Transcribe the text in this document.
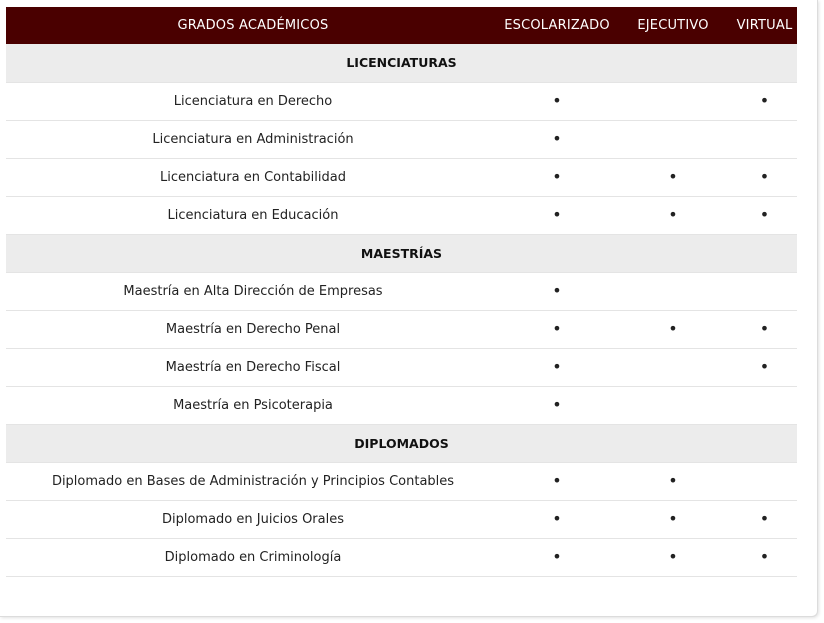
GRADOS ACADÉMICOS	ESCOLARIZADO	EJECUTIVO	VIRTUAL
LICENCIATURAS			
Licenciatura en Derecho	•		•
Licenciatura en Administración	•		
Licenciatura en Contabilidad	•	•	•
Licenciatura en Educación	•	•	•
MAESTRÍAS			
Maestría en Alta Dirección de Empresas	•		
Maestría en Derecho Penal	•	•	•
Maestría en Derecho Fiscal	•		•
Maestría en Psicoterapia	•		
DIPLOMADOS			
Diplomado en Bases de Administración y Principios Contables	•	•	
Diplomado en Juicios Orales	•	•	•
Diplomado en Criminología	•	•	•
